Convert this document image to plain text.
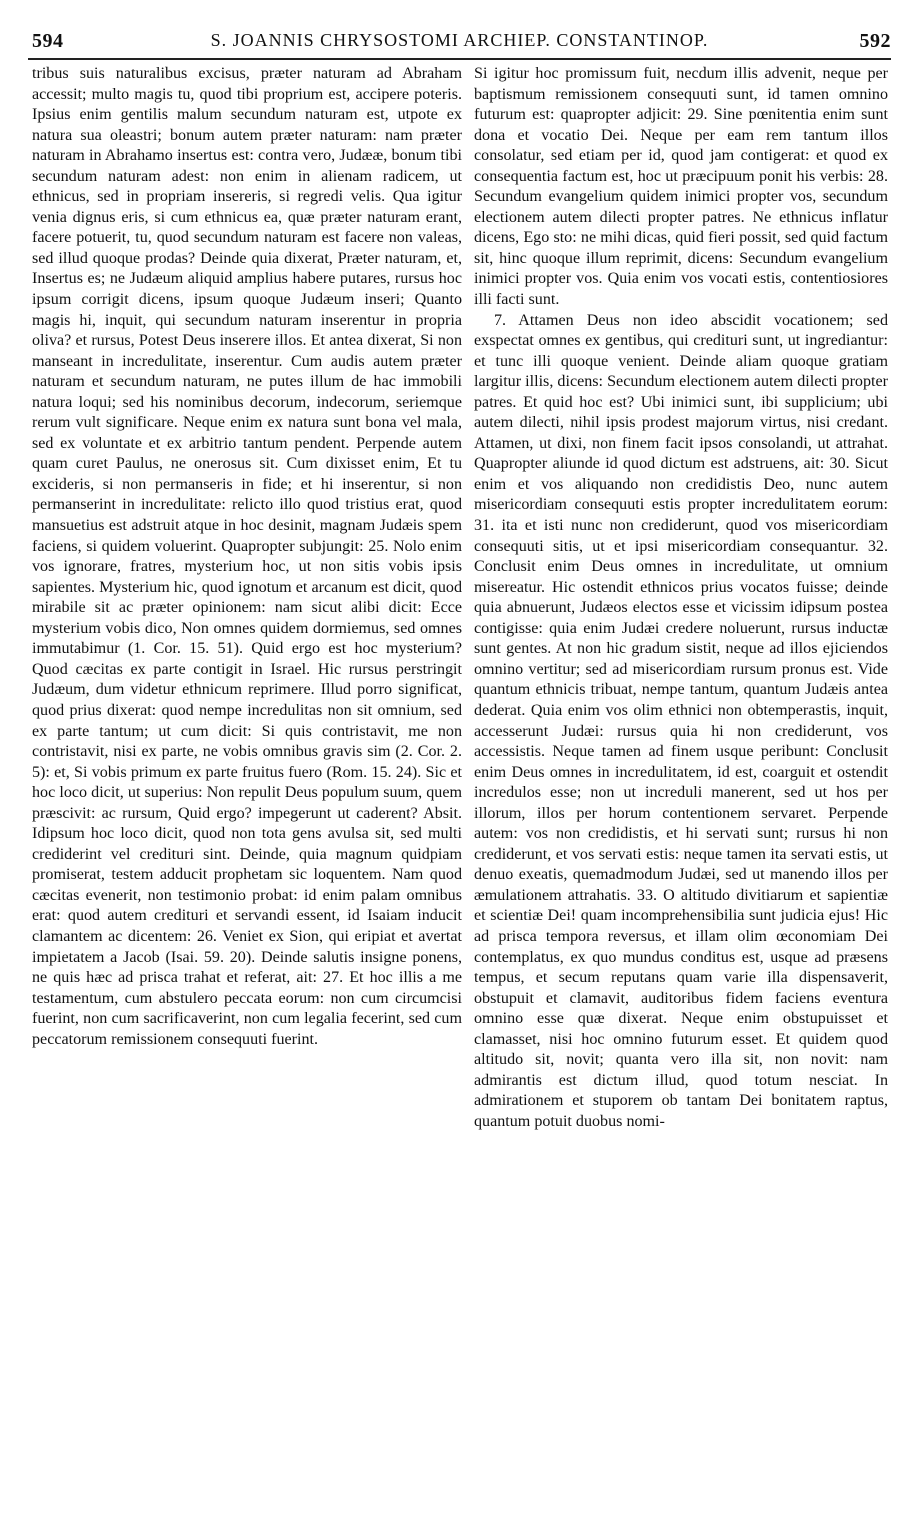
594	S. JOANNIS CHRYSOSTOMI ARCHIEP. CONSTANTINOP.	592

tribus suis naturalibus excisus, præter naturam ad Abraham accessit; multo magis tu, quod tibi proprium est, accipere poteris. Ipsius enim gentilis malum secundum naturam est, utpote ex natura sua oleastri; bonum autem præter naturam: nam præter naturam in Abrahamo insertus est: contra vero, Judææ, bonum tibi secundum naturam adest: non enim in alienam radicem, ut ethnicus, sed in propriam insereris, si regredi velis. Qua igitur venia dignus eris, si cum ethnicus ea, quæ præter naturam erant, facere potuerit, tu, quod secundum naturam est facere non valeas, sed illud quoque prodas? Deinde quia dixerat, Præter naturam, et, Insertus es; ne Judæum aliquid amplius habere putares, rursus hoc ipsum corrigit dicens, ipsum quoque Judæum inseri; Quanto magis hi, inquit, qui secundum naturam inserentur in propria oliva? et rursus, Potest Deus inserere illos. Et antea dixerat, Si non manseant in incredulitate, inserentur. Cum audis autem præter naturam et secundum naturam, ne putes illum de hac immobili natura loqui; sed his nominibus decorum, indecorum, seriemque rerum vult significare. Neque enim ex natura sunt bona vel mala, sed ex voluntate et ex arbitrio tantum pendent. Perpende autem quam curet Paulus, ne onerosus sit. Cum dixisset enim, Et tu excideris, si non permanseris in fide; et hi inserentur, si non permanserint in incredulitate: relicto illo quod tristius erat, quod mansuetius est adstruit atque in hoc desinit, magnam Judæis spem faciens, si quidem voluerint. Quapropter subjungit: 25. Nolo enim vos ignorare, fratres, mysterium hoc, ut non sitis vobis ipsis sapientes. Mysterium hic, quod ignotum et arcanum est dicit, quod mirabile sit ac præter opinionem: nam sicut alibi dicit: Ecce mysterium vobis dico, Non omnes quidem dormiemus, sed omnes immutabimur (1. Cor. 15. 51). Quid ergo est hoc mysterium? Quod cæcitas ex parte contigit in Israel. Hic rursus perstringit Judæum, dum videtur ethnicum reprimere. Illud porro significat, quod prius dixerat: quod nempe incredulitas non sit omnium, sed ex parte tantum; ut cum dicit: Si quis contristavit, me non contristavit, nisi ex parte, ne vobis omnibus gravis sim (2. Cor. 2. 5): et, Si vobis primum ex parte fruitus fuero (Rom. 15. 24). Sic et hoc loco dicit, ut superius: Non repulit Deus populum suum, quem præscivit: ac rursum, Quid ergo? impegerunt ut caderent? Absit. Idipsum hoc loco dicit, quod non tota gens avulsa sit, sed multi crediderint vel credituri sint. Deinde, quia magnum quidpiam promiserat, testem adducit prophetam sic loquentem. Nam quod cæcitas evenerit, non testimonio probat: id enim palam omnibus erat: quod autem credituri et servandi essent, id Isaiam inducit clamantem ac dicentem: 26. Veniet ex Sion, qui eripiat et avertat impietatem a Jacob (Isai. 59. 20). Deinde salutis insigne ponens, ne quis hæc ad prisca trahat et referat, ait: 27. Et hoc illis a me testamentum, cum abstulero peccata eorum: non cum circumcisi fuerint, non cum sacrificaverint, non cum legalia fecerint, sed cum peccatorum remissionem consequuti fuerint.

Si igitur hoc promissum fuit, necdum illis advenit, neque per baptismum remissionem consequuti sunt, id tamen omnino futurum est: quapropter adjicit: 29. Sine pœnitentia enim sunt dona et vocatio Dei. Neque per eam rem tantum illos consolatur, sed etiam per id, quod jam contigerat: et quod ex consequentia factum est, hoc ut præcipuum ponit his verbis: 28. Secundum evangelium quidem inimici propter vos, secundum electionem autem dilecti propter patres. Ne ethnicus inflatur dicens, Ego sto: ne mihi dicas, quid fieri possit, sed quid factum sit, hinc quoque illum reprimit, dicens: Secundum evangelium inimici propter vos. Quia enim vos vocati estis, contentiosiores illi facti sunt.

7. Attamen Deus non ideo abscidit vocationem; sed exspectat omnes ex gentibus, qui credituri sunt, ut ingrediantur: et tunc illi quoque venient. Deinde aliam quoque gratiam largitur illis, dicens: Secundum electionem autem dilecti propter patres. Et quid hoc est? Ubi inimici sunt, ibi supplicium; ubi autem dilecti, nihil ipsis prodest majorum virtus, nisi credant. Attamen, ut dixi, non finem facit ipsos consolandi, ut attrahat. Quapropter aliunde id quod dictum est adstruens, ait: 30. Sicut enim et vos aliquando non credidistis Deo, nunc autem misericordiam consequuti estis propter incredulitatem eorum: 31. ita et isti nunc non crediderunt, quod vos misericordiam consequuti sitis, ut et ipsi misericordiam consequantur. 32. Conclusit enim Deus omnes in incredulitate, ut omnium misereatur. Hic ostendit ethnicos prius vocatos fuisse; deinde quia abnuerunt, Judæos electos esse et vicissim idipsum postea contigisse: quia enim Judæi credere noluerunt, rursus inductæ sunt gentes. At non hic gradum sistit, neque ad illos ejiciendos omnino vertitur; sed ad misericordiam rursum pronus est. Vide quantum ethnicis tribuat, nempe tantum, quantum Judæis antea dederat. Quia enim vos olim ethnici non obtemperastis, inquit, accesserunt Judæi: rursus quia hi non crediderunt, vos accessistis. Neque tamen ad finem usque peribunt: Conclusit enim Deus omnes in incredulitatem, id est, coarguit et ostendit incredulos esse; non ut increduli manerent, sed ut hos per illorum, illos per horum contentionem servaret. Perpende autem: vos non credidistis, et hi servati sunt; rursus hi non crediderunt, et vos servati estis: neque tamen ita servati estis, ut denuo exeatis, quemadmodum Judæi, sed ut manendo illos per æmulationem attrahatis. 33. O altitudo divitiarum et sapientiæ et scientiæ Dei! quam incomprehensibilia sunt judicia ejus! Hic ad prisca tempora reversus, et illam olim œconomiam Dei contemplatus, ex quo mundus conditus est, usque ad præsens tempus, et secum reputans quam varie illa dispensaverit, obstupuit et clamavit, auditoribus fidem faciens eventura omnino esse quæ dixerat. Neque enim obstupuisset et clamasset, nisi hoc omnino futurum esset. Et quidem quod altitudo sit, novit; quanta vero illa sit, non novit: nam admirantis est dictum illud, quod totum nesciat. In admirationem et stuporem ob tantam Dei bonitatem raptus, quantum potuit duobus nomi-
